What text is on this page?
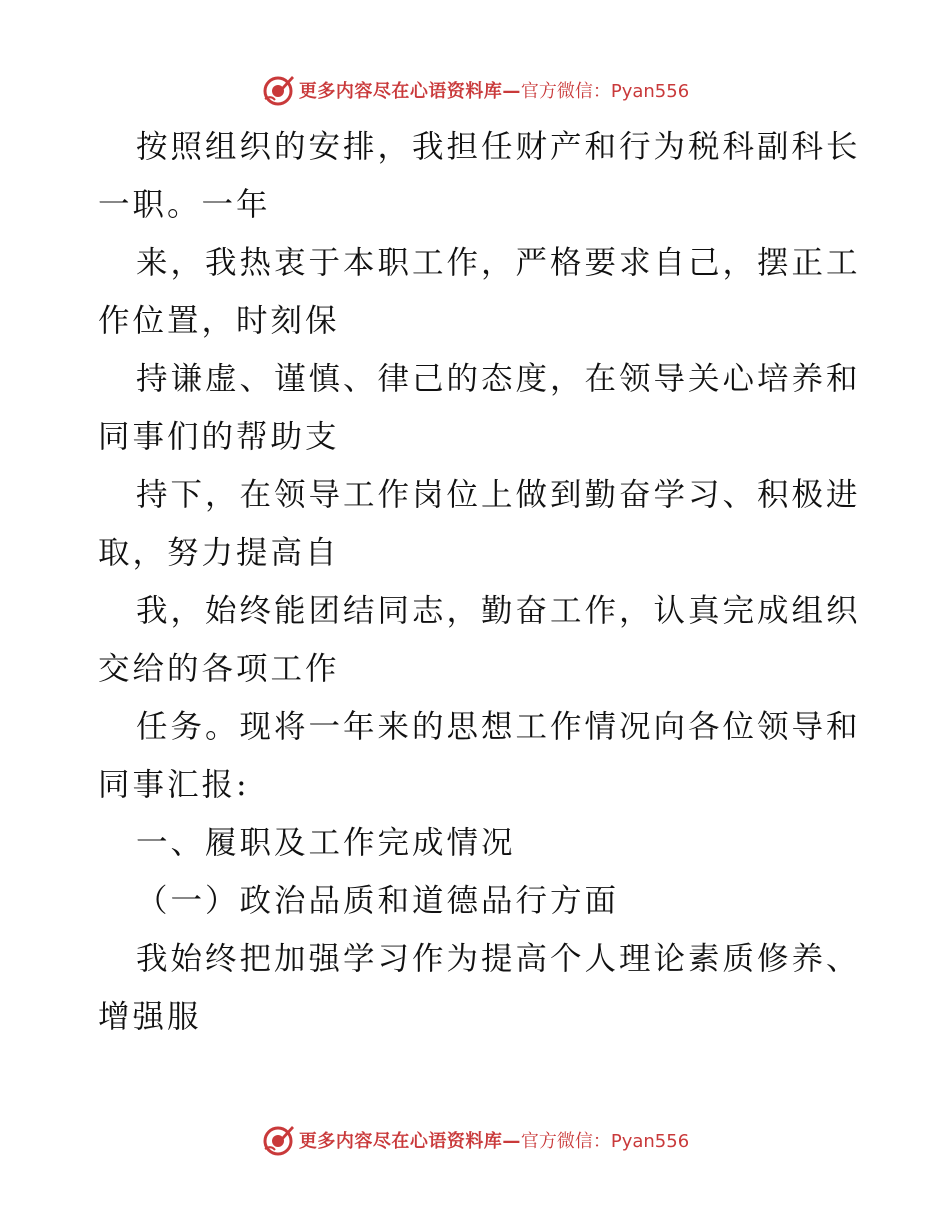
更多内容尽在心语资料库— 官方微信：Pyan556
按照组织的安排，我担任财产和行为税科副科长
一职。一年
来，我热衷于本职工作，严格要求自己，摆正工
作位置，时刻保
持谦虚、谨慎、律己的态度，在领导关心培养和
同事们的帮助支
持下，在领导工作岗位上做到勤奋学习、积极进
取，努力提高自
我，始终能团结同志，勤奋工作，认真完成组织
交给的各项工作
任务。现将一年来的思想工作情况向各位领导和
同事汇报:
一、履职及工作完成情况
（一）政治品质和道德品行方面
我始终把加强学习作为提高个人理论素质修养、
增强服
更多内容尽在心语资料库— 官方微信：Pyan556
